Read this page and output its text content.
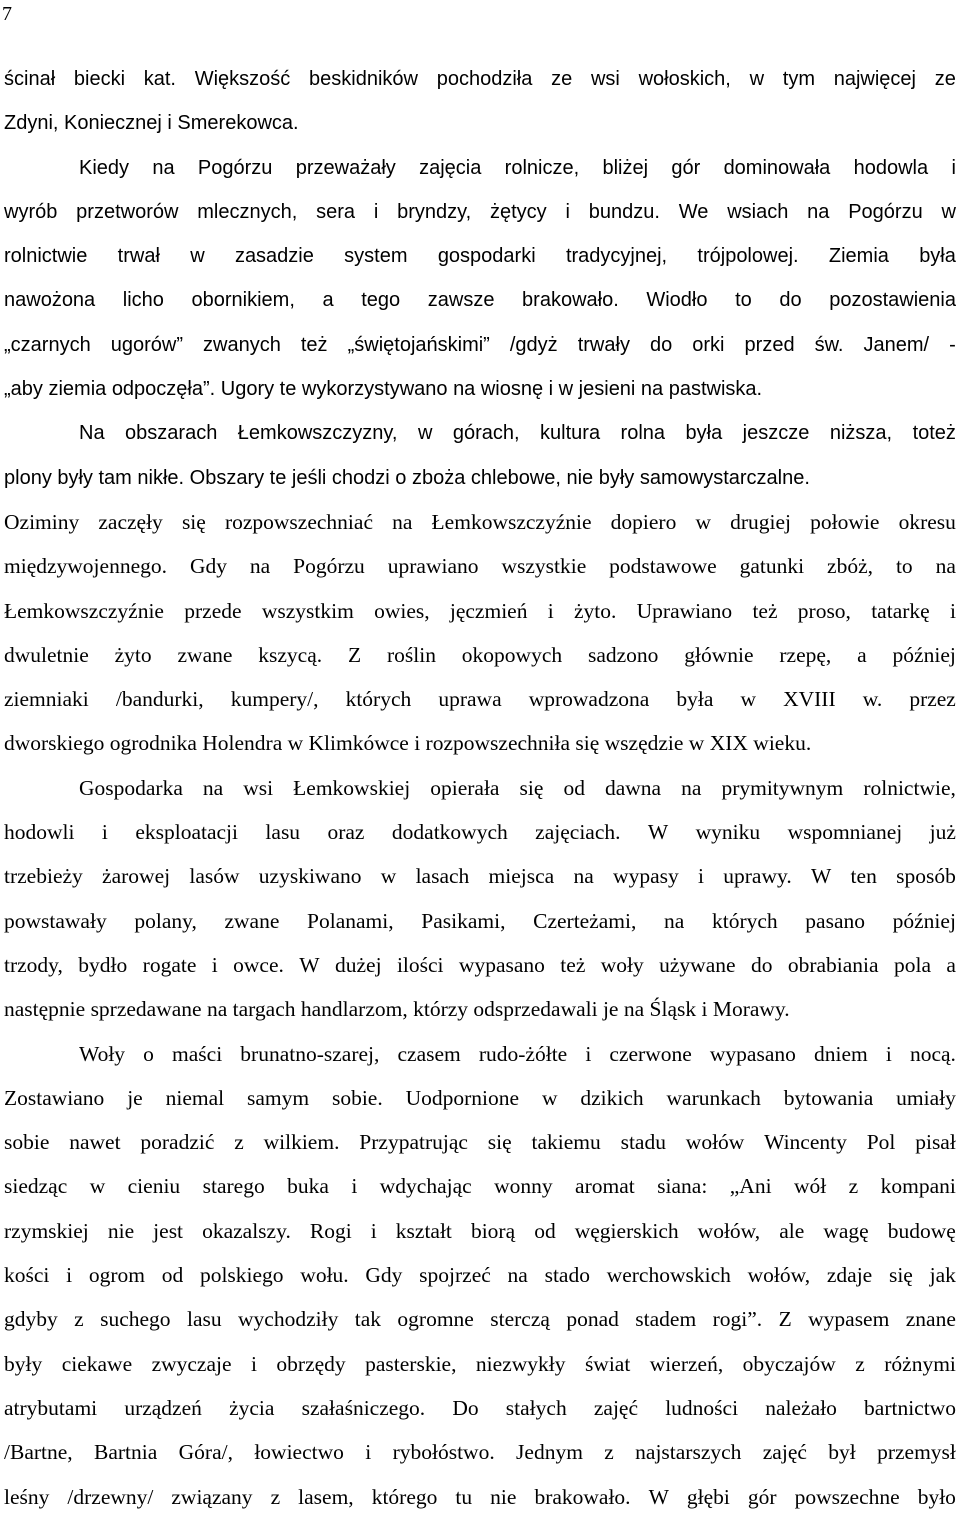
7
ścinał biecki kat. Większość beskidników pochodziła ze wsi wołoskich, w tym najwięcej ze
Zdyni, Koniecznej i Smerekowca.
Kiedy na Pogórzu przeważały zajęcia rolnicze, bliżej gór dominowała hodowla i
wyrób przetworów mlecznych, sera i bryndzy, żętycy i bundzu. We wsiach na Pogórzu w
rolnictwie trwał w zasadzie system gospodarki tradycyjnej, trójpolowej. Ziemia była
nawożona licho obornikiem, a tego zawsze brakowało. Wiodło to do pozostawienia
„czarnych ugorów” zwanych też „świętojańskimi” /gdyż trwały do orki przed św. Janem/ -
„aby ziemia odpoczęła”. Ugory te wykorzystywano na wiosnę i w jesieni na pastwiska.
Na obszarach Łemkowszczyzny, w górach, kultura rolna była jeszcze niższa, toteż
plony były tam nikłe. Obszary te jeśli chodzi o zboża chlebowe, nie były samowystarczalne.
Oziminy zaczęły się rozpowszechniać na Łemkowszczyźnie dopiero w drugiej połowie okresu
międzywojennego. Gdy na Pogórzu uprawiano wszystkie podstawowe gatunki zbóż, to na
Łemkowszczyźnie przede wszystkim owies, jęczmień i żyto. Uprawiano też proso, tatarkę i
dwuletnie żyto zwane kszycą. Z roślin okopowych sadzono głównie rzepę, a później
ziemniaki /bandurki, kumpery/, których uprawa wprowadzona była w XVIII w. przez
dworskiego ogrodnika Holendra w Klimkówce i rozpowszechniła się wszędzie w XIX wieku.
Gospodarka na wsi Łemkowskiej opierała się od dawna na prymitywnym rolnictwie,
hodowli i eksploatacji lasu oraz dodatkowych zajęciach. W wyniku wspomnianej już
trzebieży żarowej lasów uzyskiwano w lasach miejsca na wypasy i uprawy. W ten sposób
powstawały polany, zwane Polanami, Pasikami, Czerteżami, na których pasano później
trzody, bydło rogate i owce. W dużej ilości wypasano też woły używane do obrabiania pola a
następnie sprzedawane na targach handlarzom, którzy odsprzedawali je na Śląsk i Morawy.
Woły o maści brunatno-szarej, czasem rudo-żółte i czerwone wypasano dniem i nocą.
Zostawiano je niemal samym sobie. Uodpornione w dzikich warunkach bytowania umiały
sobie nawet poradzić z wilkiem. Przypatrując się takiemu stadu wołów Wincenty Pol pisał
siedząc w cieniu starego buka i wdychając wonny aromat siana: „Ani wół z kompani
rzymskiej nie jest okazalszy. Rogi i kształt biorą od węgierskich wołów, ale wagę budowę
kości i ogrom od polskiego wołu. Gdy spojrzeć na stado werchowskich wołów, zdaje się jak
gdyby z suchego lasu wychodziły tak ogromne sterczą ponad stadem rogi”. Z wypasem znane
były ciekawe zwyczaje i obrzędy pasterskie, niezwykły świat wierzeń, obyczajów z różnymi
atrybutami urządzeń życia szałaśniczego. Do stałych zajęć ludności należało bartnictwo
/Bartne, Bartnia Góra/, łowiectwo i rybołóstwo. Jednym z najstarszych zajęć był przemysł
leśny /drzewny/ związany z lasem, którego tu nie brakowało. W głębi gór powszechne było
